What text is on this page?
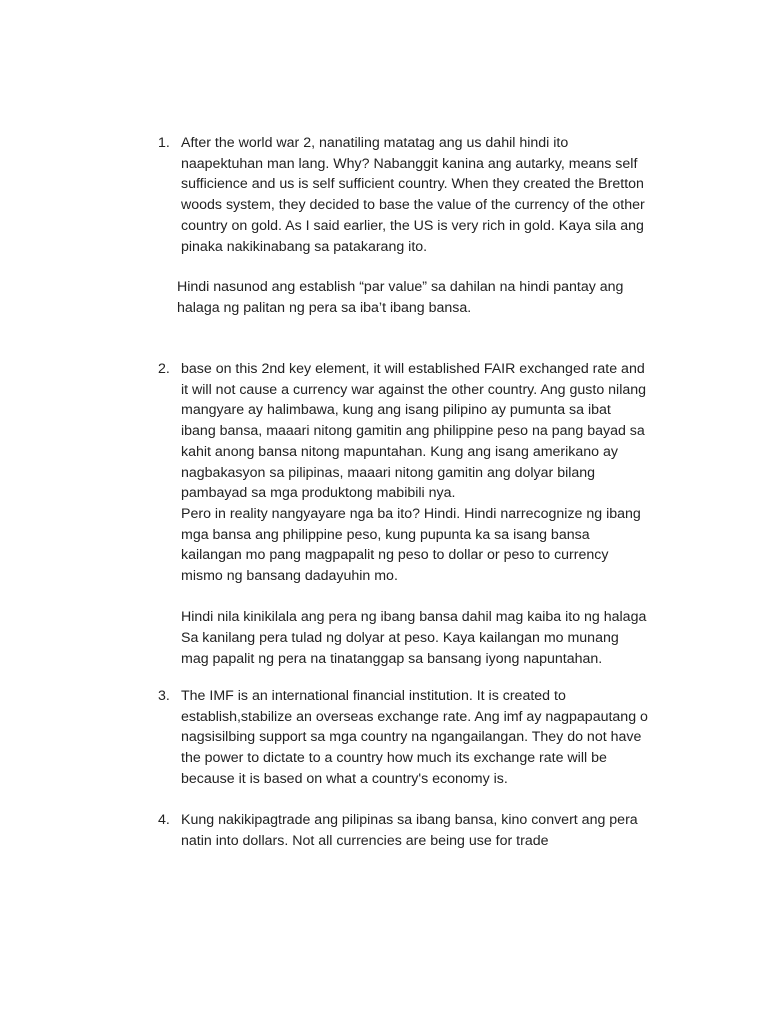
1. After the world war 2, nanatiling matatag ang us dahil hindi ito
naapektuhan man lang. Why? Nabanggit kanina ang autarky, means self
sufficience and us is self sufficient country. When they created the Bretton
woods system, they decided to base the value of the currency of the other
country on gold. As I said earlier, the US is very rich in gold. Kaya sila ang
pinaka nakikinabang sa patakarang ito.
Hindi nasunod ang establish “par value” sa dahilan na hindi pantay ang
halaga ng palitan ng pera sa iba’t ibang bansa.
2. base on this 2nd key element, it will established FAIR exchanged rate and
it will not cause a currency war against the other country. Ang gusto nilang
mangyare ay halimbawa, kung ang isang pilipino ay pumunta sa ibat
ibang bansa, maaari nitong gamitin ang philippine peso na pang bayad sa
kahit anong bansa nitong mapuntahan. Kung ang isang amerikano ay
nagbakasyon sa pilipinas, maaari nitong gamitin ang dolyar bilang
pambayad sa mga produktong mabibili nya.
Pero in reality nangyayare nga ba ito? Hindi. Hindi narrecognize ng ibang
mga bansa ang philippine peso, kung pupunta ka sa isang bansa
kailangan mo pang magpapalit ng peso to dollar or peso to currency
mismo ng bansang dadayuhin mo.
Hindi nila kinikilala ang pera ng ibang bansa dahil mag kaiba ito ng halaga
Sa kanilang pera tulad ng dolyar at peso. Kaya kailangan mo munang
mag papalit ng pera na tinatanggap sa bansang iyong napuntahan.
3. The IMF is an international financial institution. It is created to
establish,stabilize an overseas exchange rate. Ang imf ay nagpapautang o
nagsisilbing support sa mga country na ngangailangan. They do not have
the power to dictate to a country how much its exchange rate will be
because it is based on what a country's economy is.
4. Kung nakikipagtrade ang pilipinas sa ibang bansa, kino convert ang pera
natin into dollars. Not all currencies are being use for trade
